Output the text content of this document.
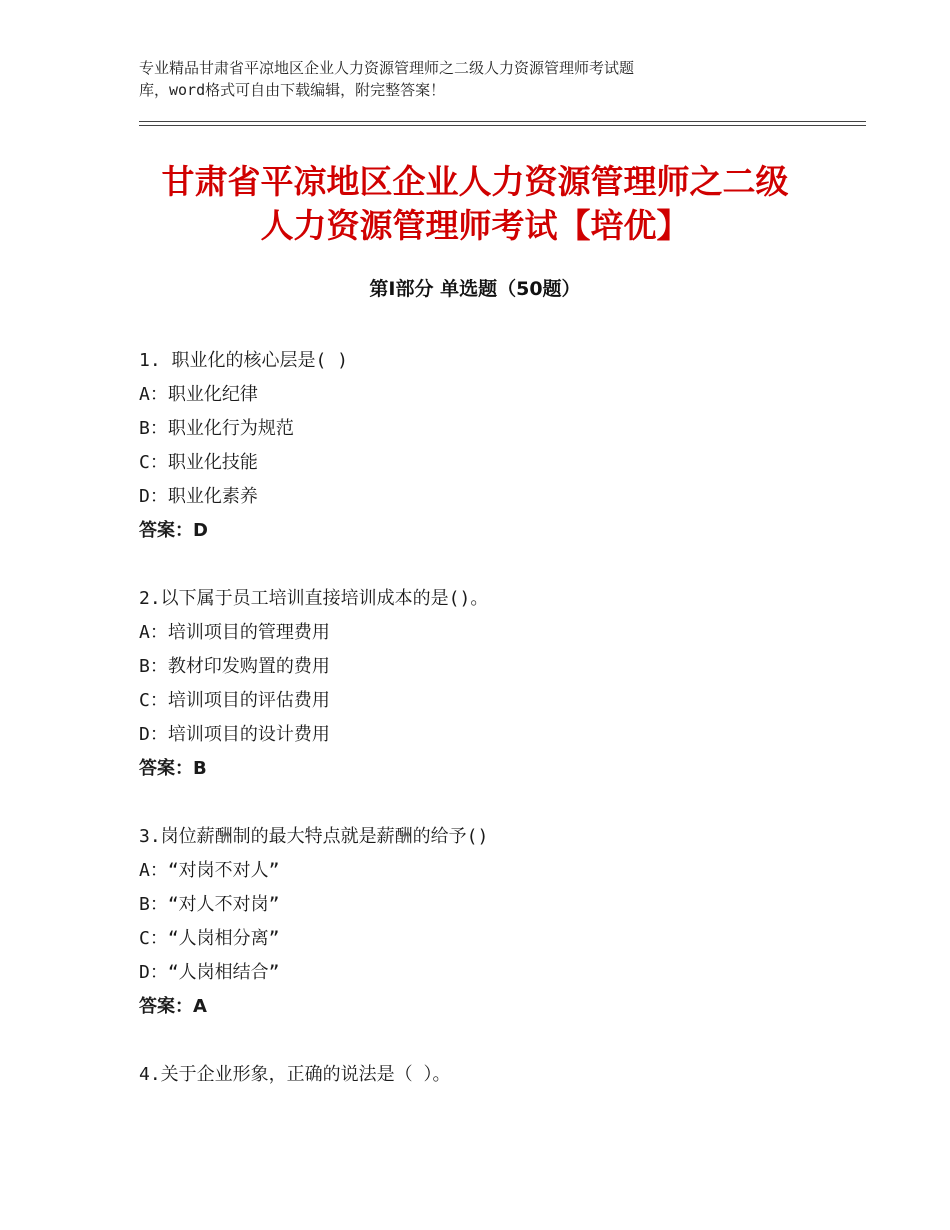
专业精品甘肃省平凉地区企业人力资源管理师之二级人力资源管理师考试题
库，word格式可自由下载编辑，附完整答案！
甘肃省平凉地区企业人力资源管理师之二级
人力资源管理师考试【培优】
第Ⅰ部分 单选题（50题）
1. 职业化的核心层是( )
A：职业化纪律
B：职业化行为规范
C：职业化技能
D：职业化素养
答案：D
2.以下属于员工培训直接培训成本的是()。
A：培训项目的管理费用
B：教材印发购置的费用
C：培训项目的评估费用
D：培训项目的设计费用
答案：B
3.岗位薪酬制的最大特点就是薪酬的给予()
A：“对岗不对人”
B：“对人不对岗”
C：“人岗相分离”
D：“人岗相结合”
答案：A
4.关于企业形象，正确的说法是（ ）。
